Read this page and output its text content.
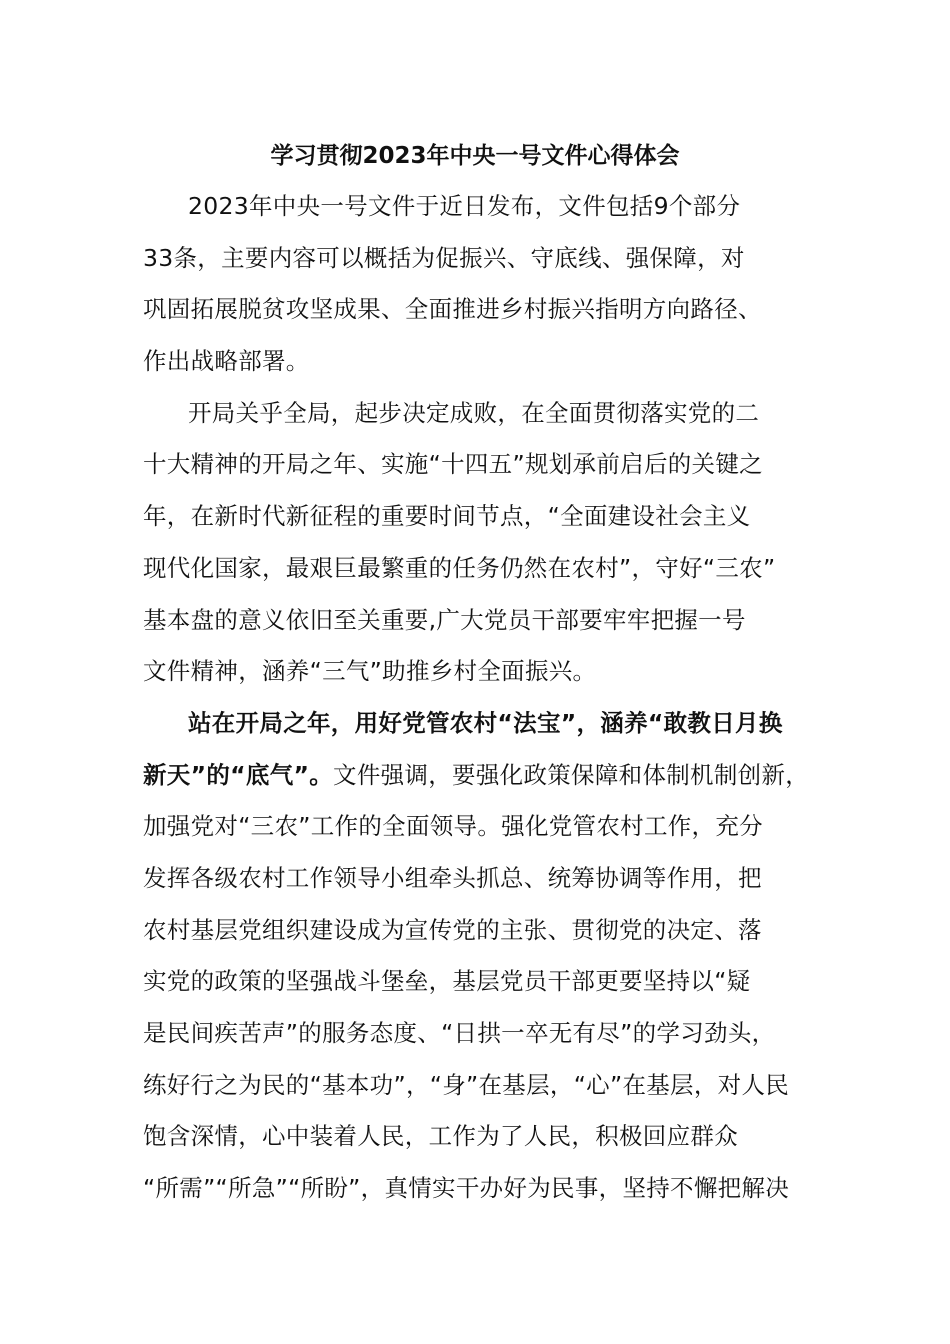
学习贯彻2023年中央一号文件心得体会
2023年中央一号文件于近日发布，文件包括9个部分
33条，主要内容可以概括为促振兴、守底线、强保障，对
巩固拓展脱贫攻坚成果、全面推进乡村振兴指明方向路径、
作出战略部署。
开局关乎全局，起步决定成败，在全面贯彻落实党的二
十大精神的开局之年、实施“十四五”规划承前启后的关键之
年，在新时代新征程的重要时间节点，“全面建设社会主义
现代化国家，最艰巨最繁重的任务仍然在农村”，守好“三农”
基本盘的意义依旧至关重要,广大党员干部要牢牢把握一号
文件精神，涵养“三气”助推乡村全面振兴。
站在开局之年，用好党管农村“法宝”，涵养“敢教日月换
新天”的“底气”。文件强调，要强化政策保障和体制机制创新，
加强党对“三农”工作的全面领导。强化党管农村工作，充分
发挥各级农村工作领导小组牵头抓总、统筹协调等作用，把
农村基层党组织建设成为宣传党的主张、贯彻党的决定、落
实党的政策的坚强战斗堡垒，基层党员干部更要坚持以“疑
是民间疾苦声”的服务态度、“日拱一卒无有尽”的学习劲头，
练好行之为民的“基本功”，“身”在基层，“心”在基层，对人民
饱含深情，心中装着人民，工作为了人民，积极回应群众
“所需”“所急”“所盼”，真情实干办好为民事，坚持不懈把解决
